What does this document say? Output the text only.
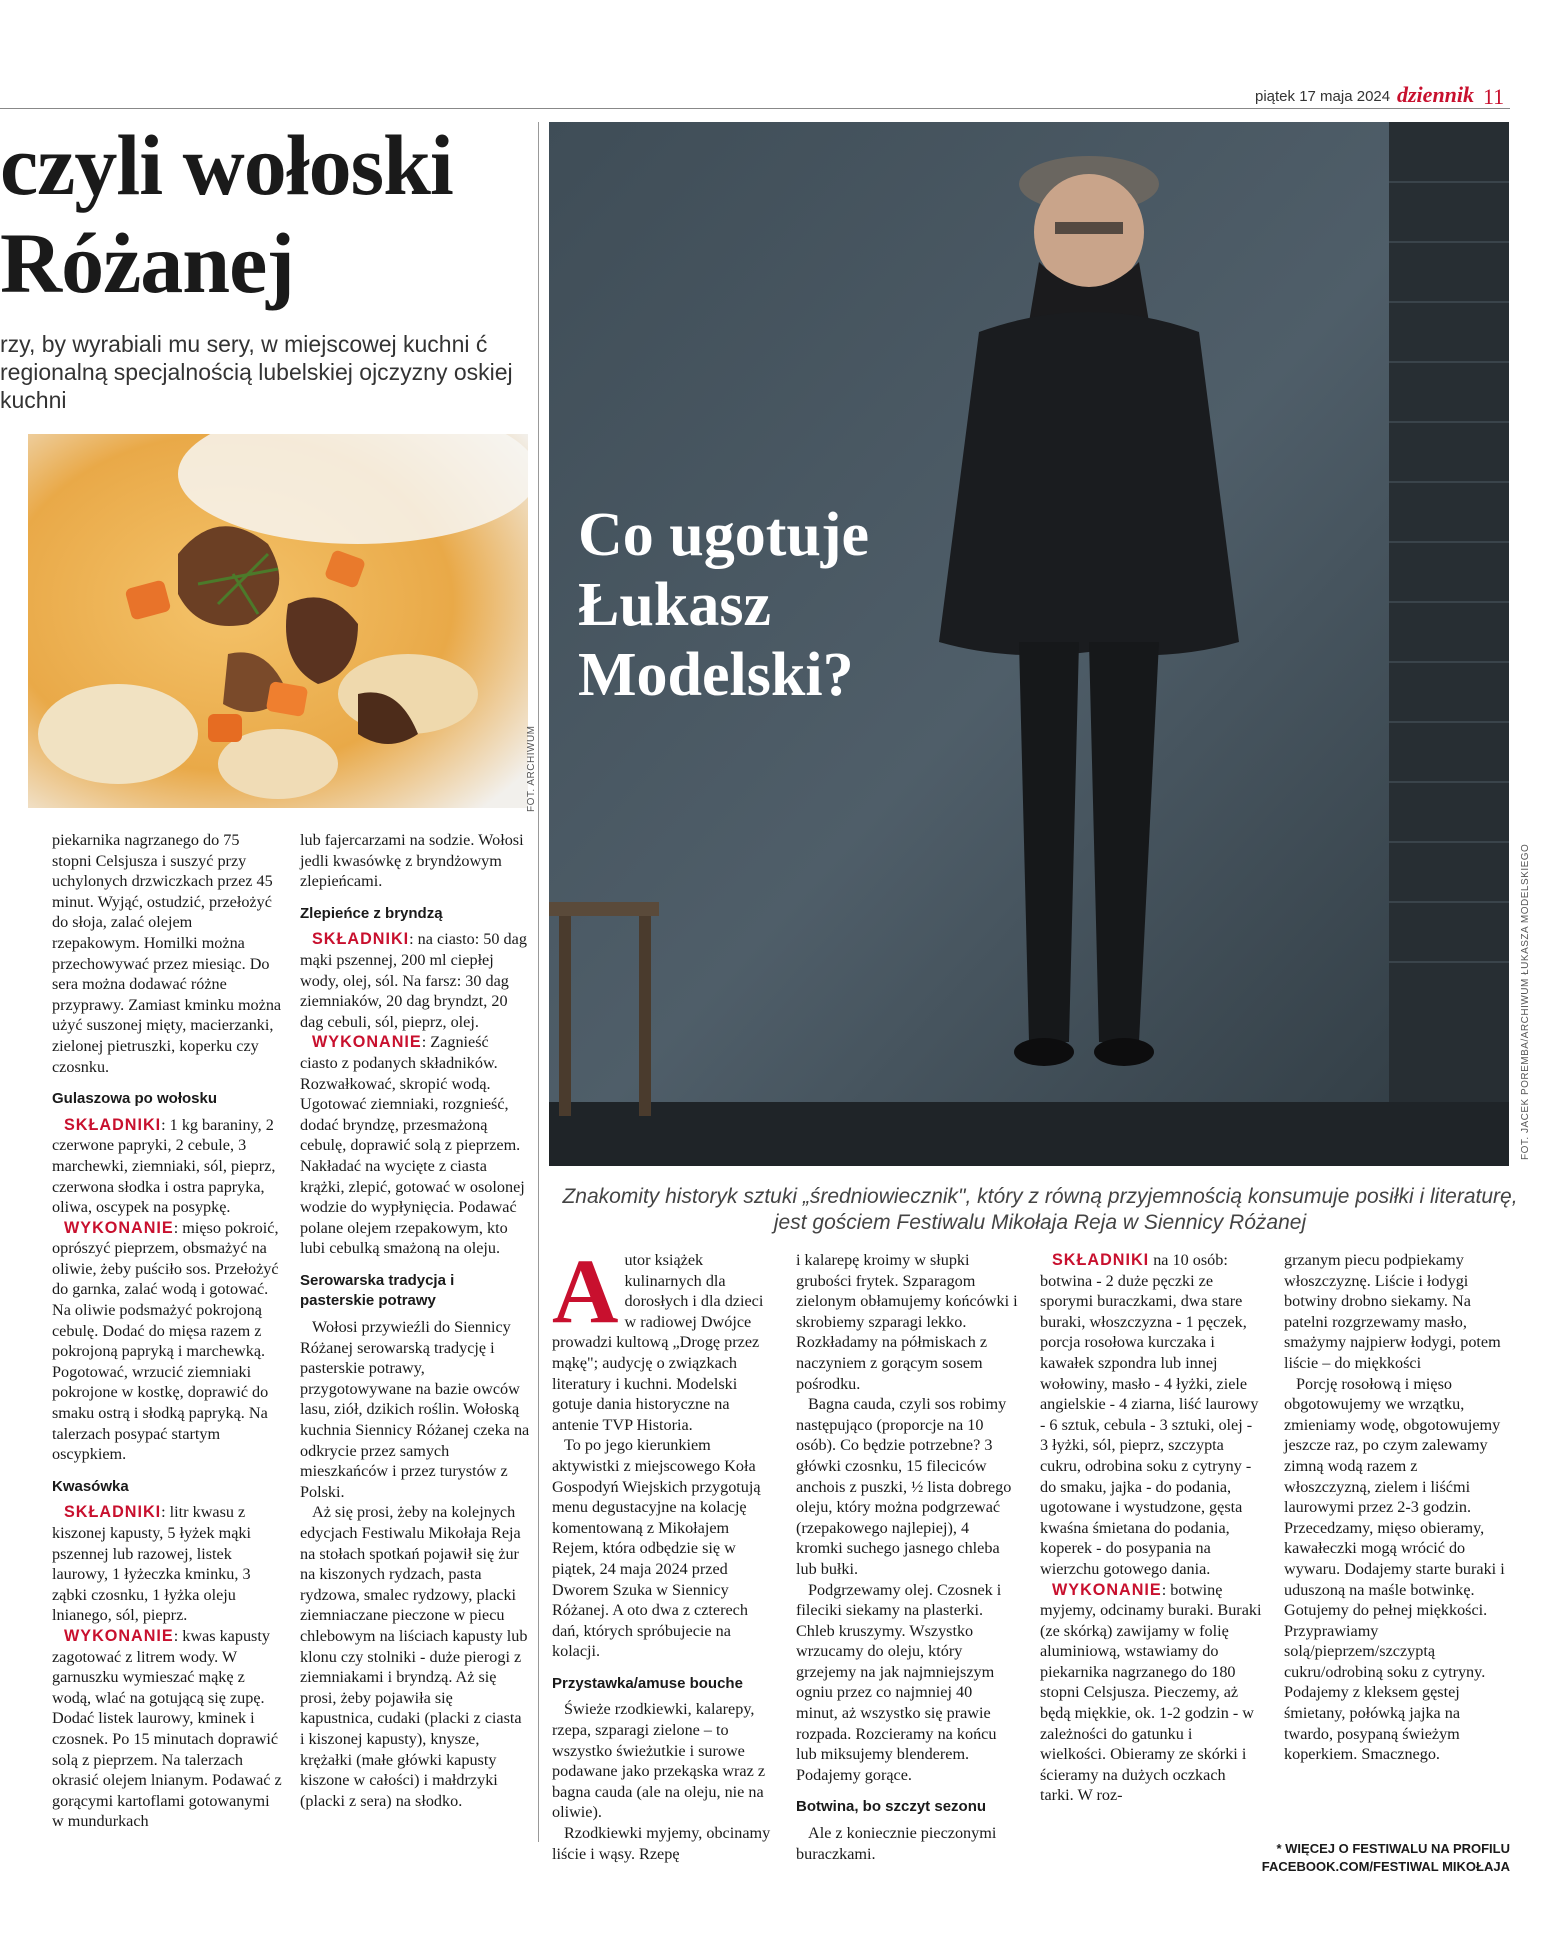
piątek 17 maja 2024 dziennik 11
czyli wołoski
Różanej
rzy, by wyrabiali mu sery, w miejscowej kuchni ć regionalną specjalnością lubelskiej ojczyzny oskiej kuchni
FOT. ARCHIWUM

piekarnika nagrzanego do 75 stopni Celsjusza i suszyć przy uchylonych drzwiczkach przez 45 minut. Wyjąć, ostudzić, przełożyć do słoja, zalać olejem rzepakowym. Homilki można przechowywać przez miesiąc. Do sera można dodawać różne przyprawy. Zamiast kminku można użyć suszonej mięty, macierzanki, zielonej pietruszki, koperku czy czosnku.

Gulaszowa po wołosku

SKŁADNIKI: 1 kg baraniny, 2 czerwone papryki, 2 cebule, 3 marchewki, ziemniaki, sól, pieprz, czerwona słodka i ostra papryka, oliwa, oscypek na posypkę.

WYKONANIE: mięso pokroić, oprószyć pieprzem, obsmażyć na oliwie, żeby puściło sos. Przełożyć do garnka, zalać wodą i gotować. Na oliwie podsmażyć pokrojoną cebulę. Dodać do mięsa razem z pokrojoną papryką i marchewką. Pogotować, wrzucić ziemniaki pokrojone w kostkę, doprawić do smaku ostrą i słodką papryką. Na talerzach posypać startym oscypkiem.

Kwasówka

SKŁADNIKI: litr kwasu z kiszonej kapusty, 5 łyżek mąki pszennej lub razowej, listek laurowy, 1 łyżeczka kminku, 3 ząbki czosnku, 1 łyżka oleju lnianego, sól, pieprz.

WYKONANIE: kwas kapusty zagotować z litrem wody. W garnuszku wymieszać mąkę z wodą, wlać na gotującą się zupę. Dodać listek laurowy, kminek i czosnek. Po 15 minutach doprawić solą z pieprzem. Na talerzach okrasić olejem lnianym. Podawać z gorącymi kartoflami gotowanymi w mundurkach

lub fajercarzami na sodzie. Wołosi jedli kwasówkę z bryndżowym zlepieńcami.

Zlepieńce z bryndzą

SKŁADNIKI: na ciasto: 50 dag mąki pszennej, 200 ml ciepłej wody, olej, sól. Na farsz: 30 dag ziemniaków, 20 dag bryndzt, 20 dag cebuli, sól, pieprz, olej.

WYKONANIE: Zagnieść ciasto z podanych składników. Rozwałkować, skropić wodą. Ugotować ziemniaki, rozgnieść, dodać bryndzę, przesmażoną cebulę, doprawić solą z pieprzem. Nakładać na wycięte z ciasta krążki, zlepić, gotować w osolonej wodzie do wypłynięcia. Podawać polane olejem rzepakowym, kto lubi cebulką smażoną na oleju.

Serowarska tradycja i pasterskie potrawy

Wołosi przywieźli do Siennicy Różanej serowarską tradycję i pasterskie potrawy, przygotowywane na bazie owców lasu, ziół, dzikich roślin. Wołoską kuchnia Siennicy Różanej czeka na odkrycie przez samych mieszkańców i przez turystów z Polski.

Aż się prosi, żeby na kolejnych edycjach Festiwalu Mikołaja Reja na stołach spotkań pojawił się żur na kiszonych rydzach, pasta rydzowa, smalec rydzowy, placki ziemniaczane pieczone w piecu chlebowym na liściach kapusty lub klonu czy stolniki - duże pierogi z ziemniakami i bryndzą. Aż się prosi, żeby pojawiła się kapustnica, cudaki (placki z ciasta i kiszonej kapusty), knysze, krężałki (małe główki kapusty kiszone w całości) i małdrzyki (placki z sera) na słodko.

Co ugotuje
Łukasz
Modelski?
FOT. JACEK POREMBA/ARCHIWUM ŁUKASZA MODELSKIEGO
Znakomity historyk sztuki „średniowiecznik", który z równą przyjemnością konsumuje posiłki i literaturę, jest gościem Festiwalu Mikołaja Reja w Siennicy Różanej
A utor książek kulinarnych dla dorosłych i dla dzieci w radiowej Dwójce prowadzi kultową „Drogę przez mąkę"; audycję o związkach literatury i kuchni. Modelski gotuje dania historyczne na antenie TVP Historia.

To po jego kierunkiem aktywistki z miejscowego Koła Gospodyń Wiejskich przygotują menu degustacyjne na kolację komentowaną z Mikołajem Rejem, która odbędzie się w piątek, 24 maja 2024 przed Dworem Szuka w Siennicy Różanej. A oto dwa z czterech dań, których spróbujecie na kolacji.

Przystawka/amuse bouche

Świeże rzodkiewki, kalarepy, rzepa, szparagi zielone – to wszystko świeżutkie i surowe podawane jako przekąska wraz z bagna cauda (ale na oleju, nie na oliwie).

Rzodkiewki myjemy, obcinamy liście i wąsy. Rzepę

i kalarepę kroimy w słupki grubości frytek. Szparagom zielonym obłamujemy końcówki i skrobiemy szparagi lekko. Rozkładamy na półmiskach z naczyniem z gorącym sosem pośrodku.

Bagna cauda, czyli sos robimy następująco (proporcje na 10 osób). Co będzie potrzebne? 3 główki czosnku, 15 fileciców anchois z puszki, ½ lista dobrego oleju, który można podgrzewać (rzepakowego najlepiej), 4 kromki suchego jasnego chleba lub bułki.

Podgrzewamy olej. Czosnek i fileciki siekamy na plasterki. Chleb kruszymy. Wszystko wrzucamy do oleju, który grzejemy na jak najmniejszym ogniu przez co najmniej 40 minut, aż wszystko się prawie rozpada. Rozcieramy na końcu lub miksujemy blenderem. Podajemy gorące.

Botwina, bo szczyt sezonu

Ale z koniecznie pieczonymi buraczkami.

SKŁADNIKI na 10 osób: botwina - 2 duże pęczki ze sporymi buraczkami, dwa stare buraki, włoszczyzna - 1 pęczek, porcja rosołowa kurczaka i kawałek szpondra lub innej wołowiny, masło - 4 łyżki, ziele angielskie - 4 ziarna, liść laurowy - 6 sztuk, cebula - 3 sztuki, olej - 3 łyżki, sól, pieprz, szczypta cukru, odrobina soku z cytryny - do smaku, jajka - do podania, ugotowane i wystudzone, gęsta kwaśna śmietana do podania, koperek - do posypania na wierzchu gotowego dania.

WYKONANIE: botwinę myjemy, odcinamy buraki. Buraki (ze skórką) zawijamy w folię aluminiową, wstawiamy do piekarnika nagrzanego do 180 stopni Celsjusza. Pieczemy, aż będą miękkie, ok. 1-2 godzin - w zależności do gatunku i wielkości. Obieramy ze skórki i ścieramy na dużych oczkach tarki. W roz-

grzanym piecu podpiekamy włoszczyznę. Liście i łodygi botwiny drobno siekamy. Na patelni rozgrzewamy masło, smażymy najpierw łodygi, potem liście – do miękkości

Porcję rosołową i mięso obgotowujemy we wrzątku, zmieniamy wodę, obgotowujemy jeszcze raz, po czym zalewamy zimną wodą razem z włoszczyzną, zielem i liśćmi laurowymi przez 2-3 godzin. Przecedzamy, mięso obieramy, kawałeczki mogą wrócić do wywaru. Dodajemy starte buraki i uduszoną na maśle botwinkę. Gotujemy do pełnej miękkości. Przyprawiamy solą/pieprzem/szczyptą cukru/odrobiną soku z cytryny. Podajemy z kleksem gęstej śmietany, połówką jajka na twardo, posypaną świeżym koperkiem. Smacznego.

* WIĘCEJ O FESTIWALU NA PROFILU
FACEBOOK.COM/FESTIWAL MIKOŁAJA
